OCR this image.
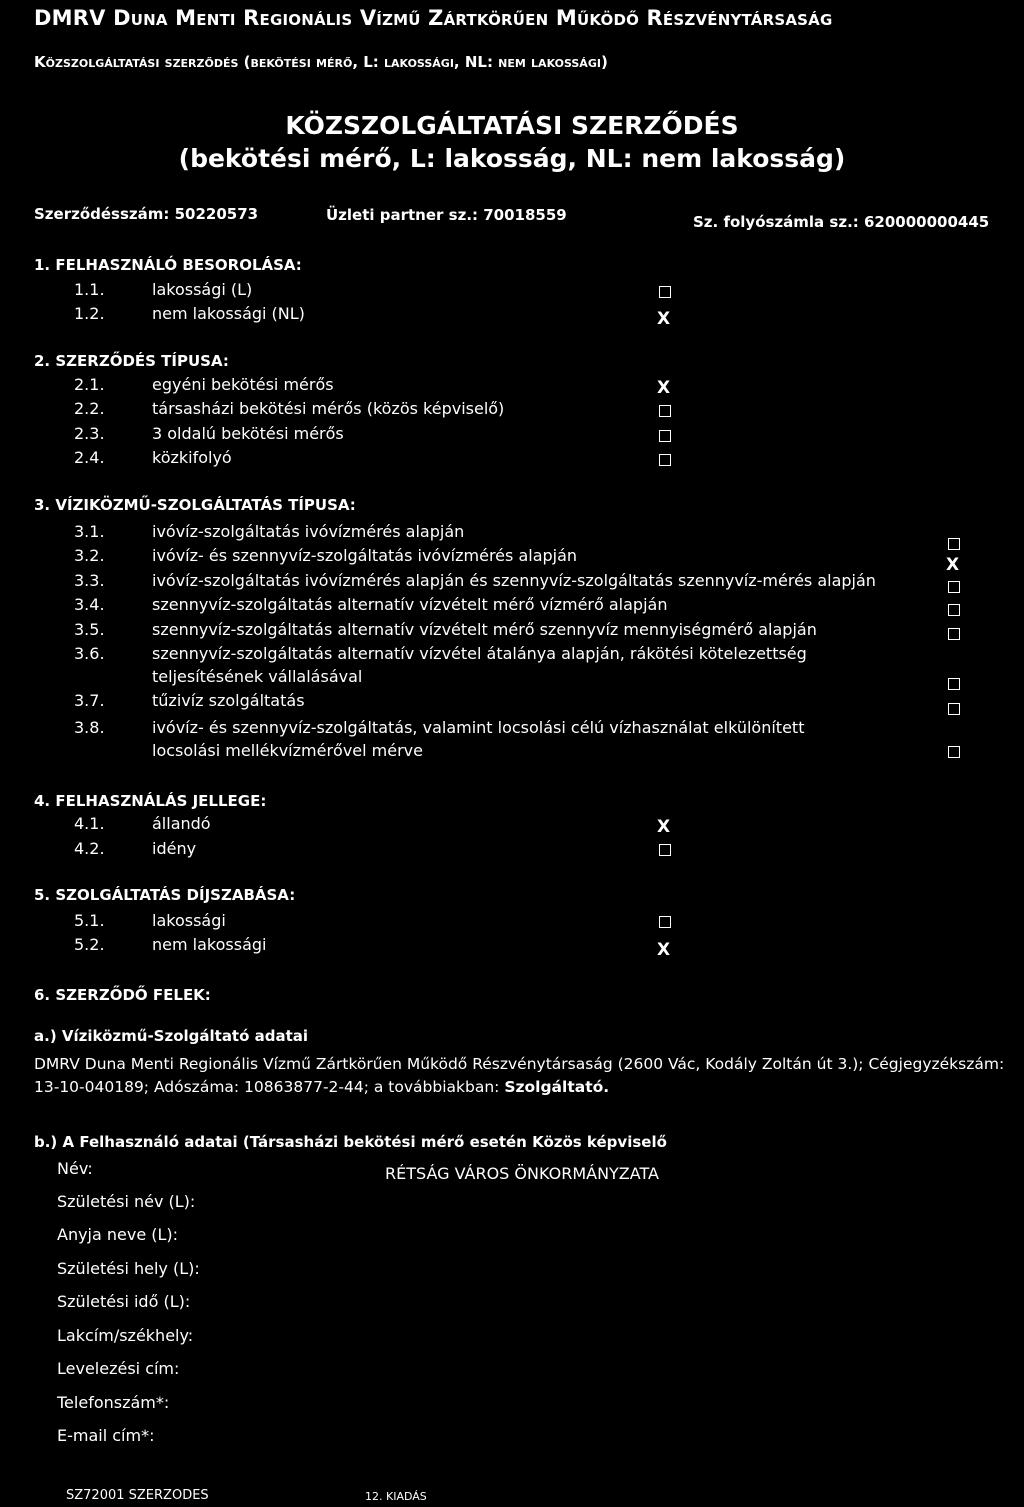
DMRV Duna Menti Regionális Vízmű Zártkörűen Működő Részvénytársaság
Közszolgáltatási szerződés (bekötési mérő, L: lakossági, NL: nem lakossági)
KÖZSZOLGÁLTATÁSI SZERZŐDÉS
(bekötési mérő, L: lakosság, NL: nem lakosság)
Szerződésszám: 50220573	Üzleti partner sz.: 70018559	Sz. folyószámla sz.: 620000000445
1. FELHASZNÁLÓ BESOROLÁSA:
1.1.	lakossági (L)
1.2.	nem lakossági (NL)	X
2. SZERZŐDÉS TÍPUSA:
2.1.	egyéni bekötési mérős	X
2.2.	társasházi bekötési mérős (közös képviselő)
2.3.	3 oldalú bekötési mérős
2.4.	közkifolyó
3. VÍZIKÖZMŰ-SZOLGÁLTATÁS TÍPUSA:
3.1.	ivóvíz-szolgáltatás ivóvízmérés alapján
3.2.	ivóvíz- és szennyvíz-szolgáltatás ivóvízmérés alapján	X
3.3.	ivóvíz-szolgáltatás ivóvízmérés alapján és szennyvíz-szolgáltatás szennyvíz-mérés alapján
3.4.	szennyvíz-szolgáltatás alternatív vízvételt mérő vízmérő alapján
3.5.	szennyvíz-szolgáltatás alternatív vízvételt mérő szennyvíz mennyiségmérő alapján
3.6.	szennyvíz-szolgáltatás alternatív vízvétel átalánya alapján, rákötési kötelezettség
teljesítésének vállalásával
3.7.	tűzivíz szolgáltatás
3.8.	ivóvíz- és szennyvíz-szolgáltatás, valamint locsolási célú vízhasználat elkülönített
locsolási mellékvízmérővel mérve
4. FELHASZNÁLÁS JELLEGE:
4.1.	állandó	X
4.2.	idény
5. SZOLGÁLTATÁS DÍJSZABÁSA:
5.1.	lakossági
5.2.	nem lakossági	X
6. SZERZŐDŐ FELEK:
a.) Víziközmű-Szolgáltató adatai
DMRV Duna Menti Regionális Vízmű Zártkörűen Működő Részvénytársaság (2600 Vác, Kodály Zoltán út 3.); Cégjegyzékszám:
13-10-040189; Adószáma: 10863877-2-44; a továbbiakban: Szolgáltató.
b.) A Felhasználó adatai (Társasházi bekötési mérő esetén Közös képviselő
Név:	RÉTSÁG VÁROS ÖNKORMÁNYZATA
Születési név (L):
Anyja neve (L):
Születési hely (L):
Születési idő (L):
Lakcím/székhely:
Levelezési cím:
Telefonszám*:
E-mail cím*:
SZ72001 SZERZODES	12. KIADÁS
